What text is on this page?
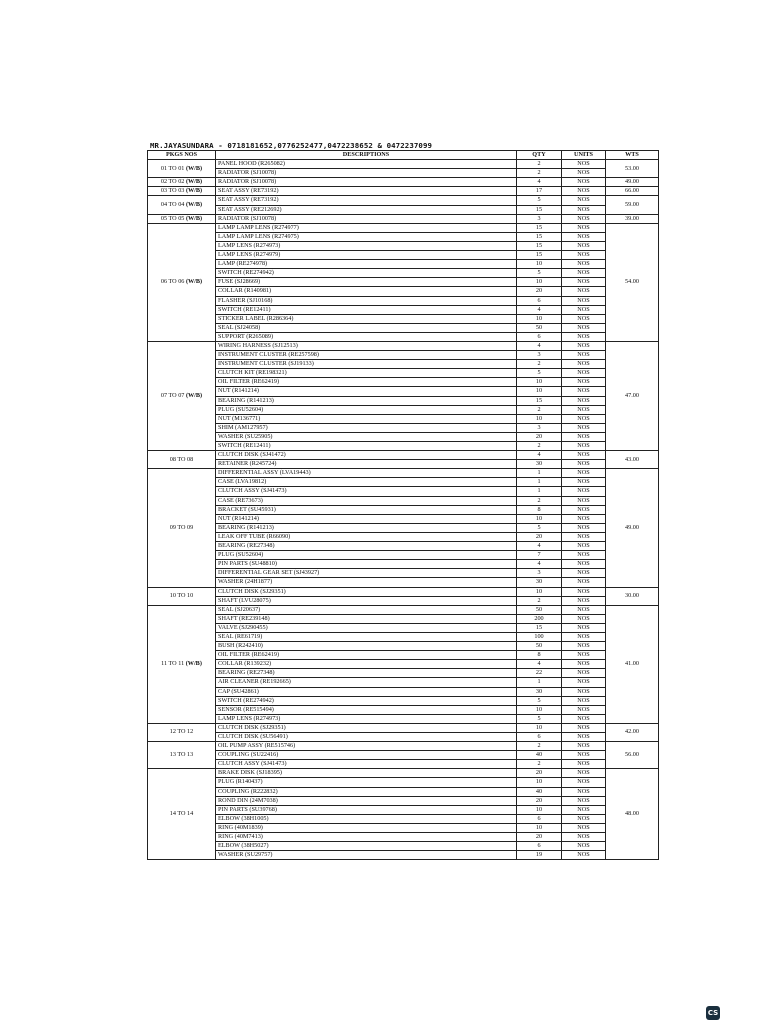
MR.JAYASUNDARA - 0718181652,0776252477,0472238652 & 0472237099
PKGS NOS	DESCRIPTIONS	QTY	UNITS	WTS
01 TO 01 (W/B)	PANEL HOOD (R265082)	2	NOS	53.00
	RADIATOR (SJ10078)	2	NOS	
02 TO 02 (W/B)	RADIATOR (SJ10078)	4	NOS	49.00
03 TO 03 (W/B)	SEAT ASSY (RE73192)	17	NOS	66.00
04 TO 04 (W/B)	SEAT ASSY (RE73192)	5	NOS	59.00
	SEAT ASSY (RE212692)	15	NOS	
05 TO 05 (W/B)	RADIATOR (SJ10078)	3	NOS	39.00
06 TO 06 (W/B)	LAMP LAMP LENS (R274977)	15	NOS	54.00
	LAMP LAMP LENS (R274975)	15	NOS	
	LAMP LENS (R274973)	15	NOS	
	LAMP LENS (R274979)	15	NOS	
	LAMP (RE274978)	10	NOS	
	SWITCH (RE274942)	5	NOS	
	FUSE (SJ28669)	10	NOS	
	COLLAR (R140981)	20	NOS	
	FLASHER (SJ10168)	6	NOS	
	SWITCH (RE12411)	4	NOS	
	STICKER LABEL (R286364)	10	NOS	
	SEAL (SJ24058)	50	NOS	
	SUPPORT (R265089)	6	NOS	
07 TO 07 (W/B)	WIRING HARNESS (SJ12513)	4	NOS	47.00
	INSTRUMENT CLUSTER (RE257598)	3	NOS	
	INSTRUMENT CLUSTER (SJ19133)	2	NOS	
	CLUTCH KIT (RE198321)	5	NOS	
	OIL FILTER (RE62419)	10	NOS	
	NUT (R141214)	10	NOS	
	BEARING (R141213)	15	NOS	
	PLUG (SU52604)	2	NOS	
	NUT (M136771)	10	NOS	
	SHIM (AM127957)	3	NOS	
	WASHER (SU25905)	20	NOS	
	SWITCH (RE12411)	2	NOS	
08 TO 08	CLUTCH DISK (SJ41472)	4	NOS	43.00
	RETAINER (R245724)	30	NOS	
09 TO 09	DIFFERENTIAL ASSY (LVA19443)	1	NOS	49.00
	CASE (LVA19812)	1	NOS	
	CLUTCH ASSY (SJ41473)	1	NOS	
	CASE (RE73673)	2	NOS	
	BRACKET (SU45931)	8	NOS	
	NUT (R141214)	10	NOS	
	BEARING (R141213)	5	NOS	
	LEAK OFF TUBE (R66090)	20	NOS	
	BEARING (RE27348)	4	NOS	
	PLUG (SU52604)	7	NOS	
	PIN PARTS (SU48810)	4	NOS	
	DIFFERENTIAL GEAR SET (SJ43927)	3	NOS	
	WASHER (24H1877)	30	NOS	
10 TO 10	CLUTCH DISK (SJ29351)	10	NOS	30.00
	SHAFT (LVU28075)	2	NOS	
11 TO 11 (W/B)	SEAL (SJ20637)	50	NOS	41.00
	SHAFT (RE239148)	200	NOS	
	VALVE (SJ290455)	15	NOS	
	SEAL (RE61719)	100	NOS	
	BUSH (R242410)	50	NOS	
	OIL FILTER (RE62419)	8	NOS	
	COLLAR (R139232)	4	NOS	
	BEARING (RE27348)	22	NOS	
	AIR CLEANER (RE192665)	1	NOS	
	CAP (SU42861)	30	NOS	
	SWITCH (RE274942)	5	NOS	
	SENSOR (RE515494)	10	NOS	
	LAMP LENS (R274973)	5	NOS	
12 TO 12	CLUTCH DISK (SJ29351)	10	NOS	42.00
	CLUTCH DISK (SU56491)	6	NOS	
13 TO 13	OIL PUMP ASSY (RE515746)	2	NOS	56.00
	COUPLING (SU22416)	40	NOS	
	CLUTCH ASSY (SJ41473)	2	NOS	
14 TO 14	BRAKE DISK (SJ18395)	20	NOS	48.00
	PLUG (R140437)	10	NOS	
	COUPLING (R222832)	40	NOS	
	ROND DIN (24M7038)	20	NOS	
	PIN PARTS (SU39768)	10	NOS	
	ELBOW (38H1005)	6	NOS	
	RING (40M1839)	10	NOS	
	RING (40M7413)	20	NOS	
	ELBOW (38H5027)	6	NOS	
	WASHER (SU29757)	19	NOS	
CS
